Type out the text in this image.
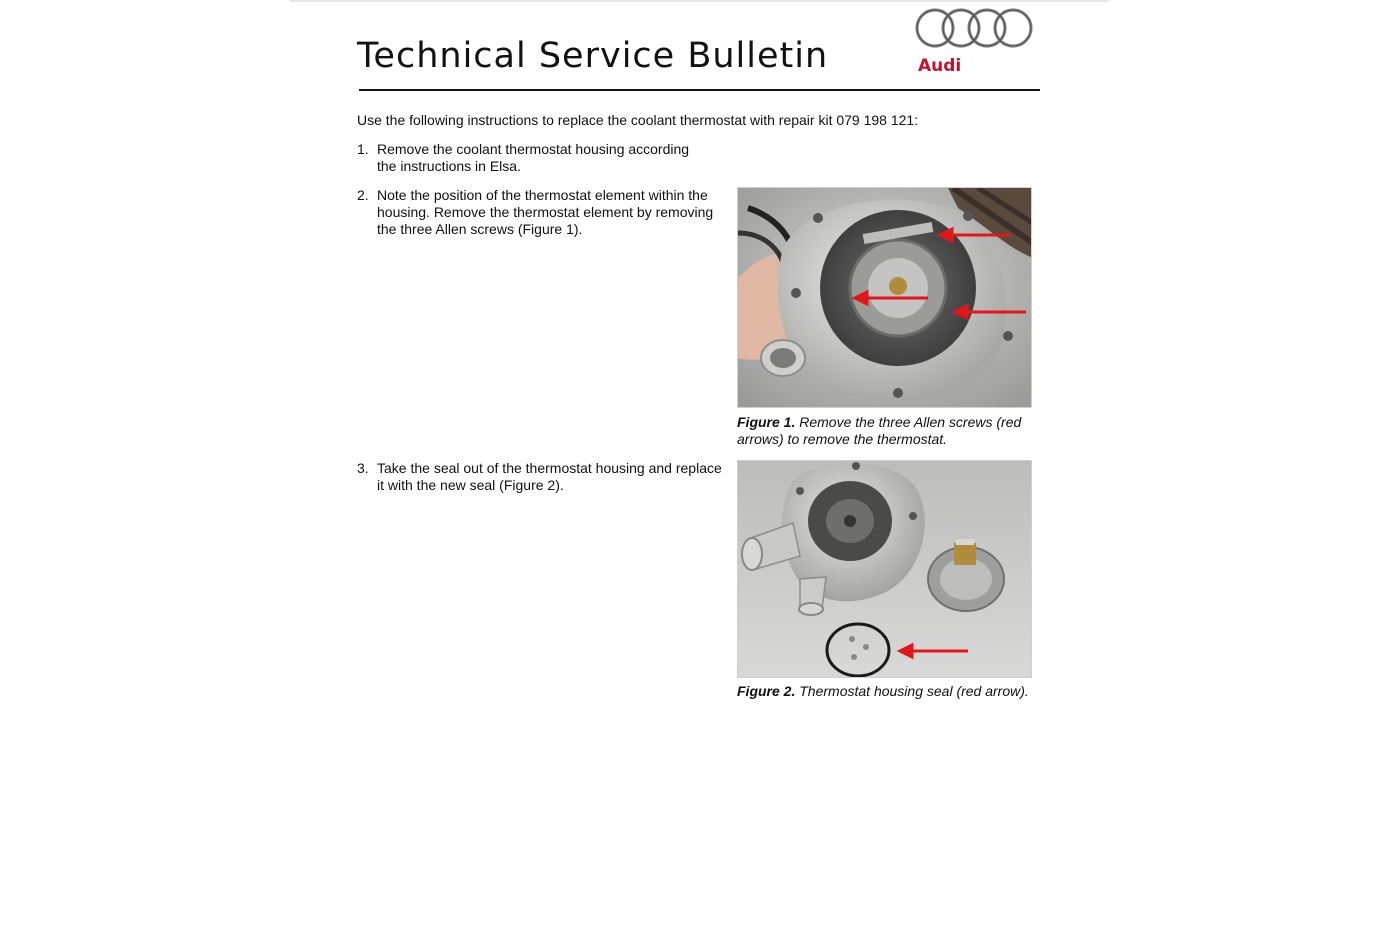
Technical Service Bulletin	Audi
Use the following instructions to replace the coolant thermostat with repair kit 079 198 121:
1. Remove the coolant thermostat housing according the instructions in Elsa.
2. Note the position of the thermostat element within the housing. Remove the thermostat element by removing the three Allen screws (Figure 1).
3. Take the seal out of the thermostat housing and replace it with the new seal (Figure 2).
Figure 1. Remove the three Allen screws (red arrows) to remove the thermostat.
Figure 2. Thermostat housing seal (red arrow).
